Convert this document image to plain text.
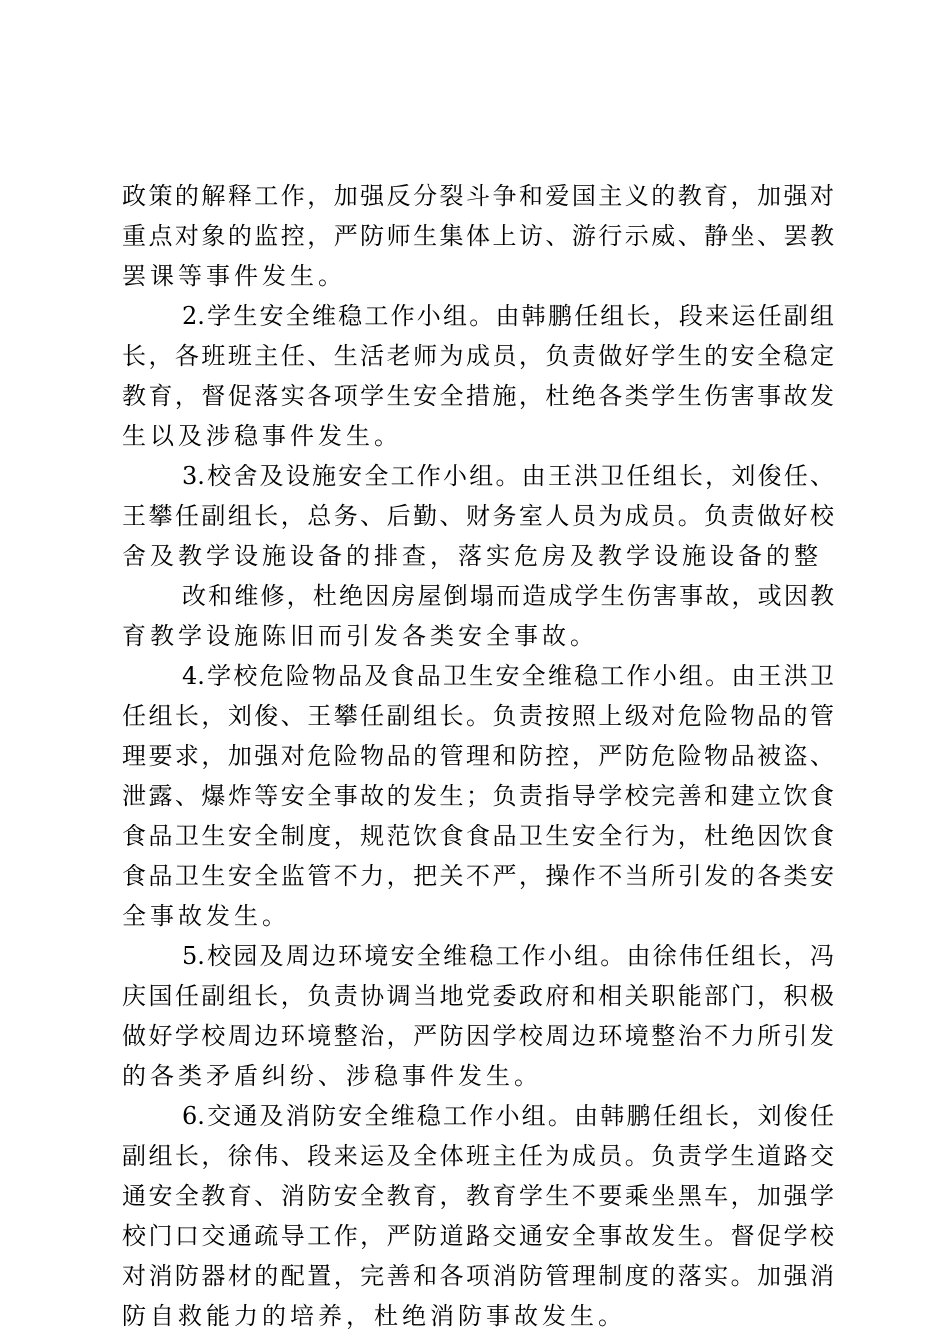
政策的解释工作，加强反分裂斗争和爱国主义的教育，加强对
重点对象的监控，严防师生集体上访、游行示威、静坐、罢教
罢课等事件发生。
2.学生安全维稳工作小组。由韩鹏任组长，段来运任副组
长，各班班主任、生活老师为成员，负责做好学生的安全稳定
教育，督促落实各项学生安全措施，杜绝各类学生伤害事故发
生以及涉稳事件发生。
3.校舍及设施安全工作小组。由王洪卫任组长，刘俊任、
王攀任副组长，总务、后勤、财务室人员为成员。负责做好校
舍及教学设施设备的排查，落实危房及教学设施设备的整
改和维修，杜绝因房屋倒塌而造成学生伤害事故，或因教
育教学设施陈旧而引发各类安全事故。
4.学校危险物品及食品卫生安全维稳工作小组。由王洪卫
任组长，刘俊、王攀任副组长。负责按照上级对危险物品的管
理要求，加强对危险物品的管理和防控，严防危险物品被盗、
泄露、爆炸等安全事故的发生；负责指导学校完善和建立饮食
食品卫生安全制度，规范饮食食品卫生安全行为，杜绝因饮食
食品卫生安全监管不力，把关不严，操作不当所引发的各类安
全事故发生。
5.校园及周边环境安全维稳工作小组。由徐伟任组长，冯
庆国任副组长，负责协调当地党委政府和相关职能部门，积极
做好学校周边环境整治，严防因学校周边环境整治不力所引发
的各类矛盾纠纷、涉稳事件发生。
6.交通及消防安全维稳工作小组。由韩鹏任组长，刘俊任
副组长，徐伟、段来运及全体班主任为成员。负责学生道路交
通安全教育、消防安全教育，教育学生不要乘坐黑车，加强学
校门口交通疏导工作，严防道路交通安全事故发生。督促学校
对消防器材的配置，完善和各项消防管理制度的落实。加强消
防自救能力的培养，杜绝消防事故发生。
